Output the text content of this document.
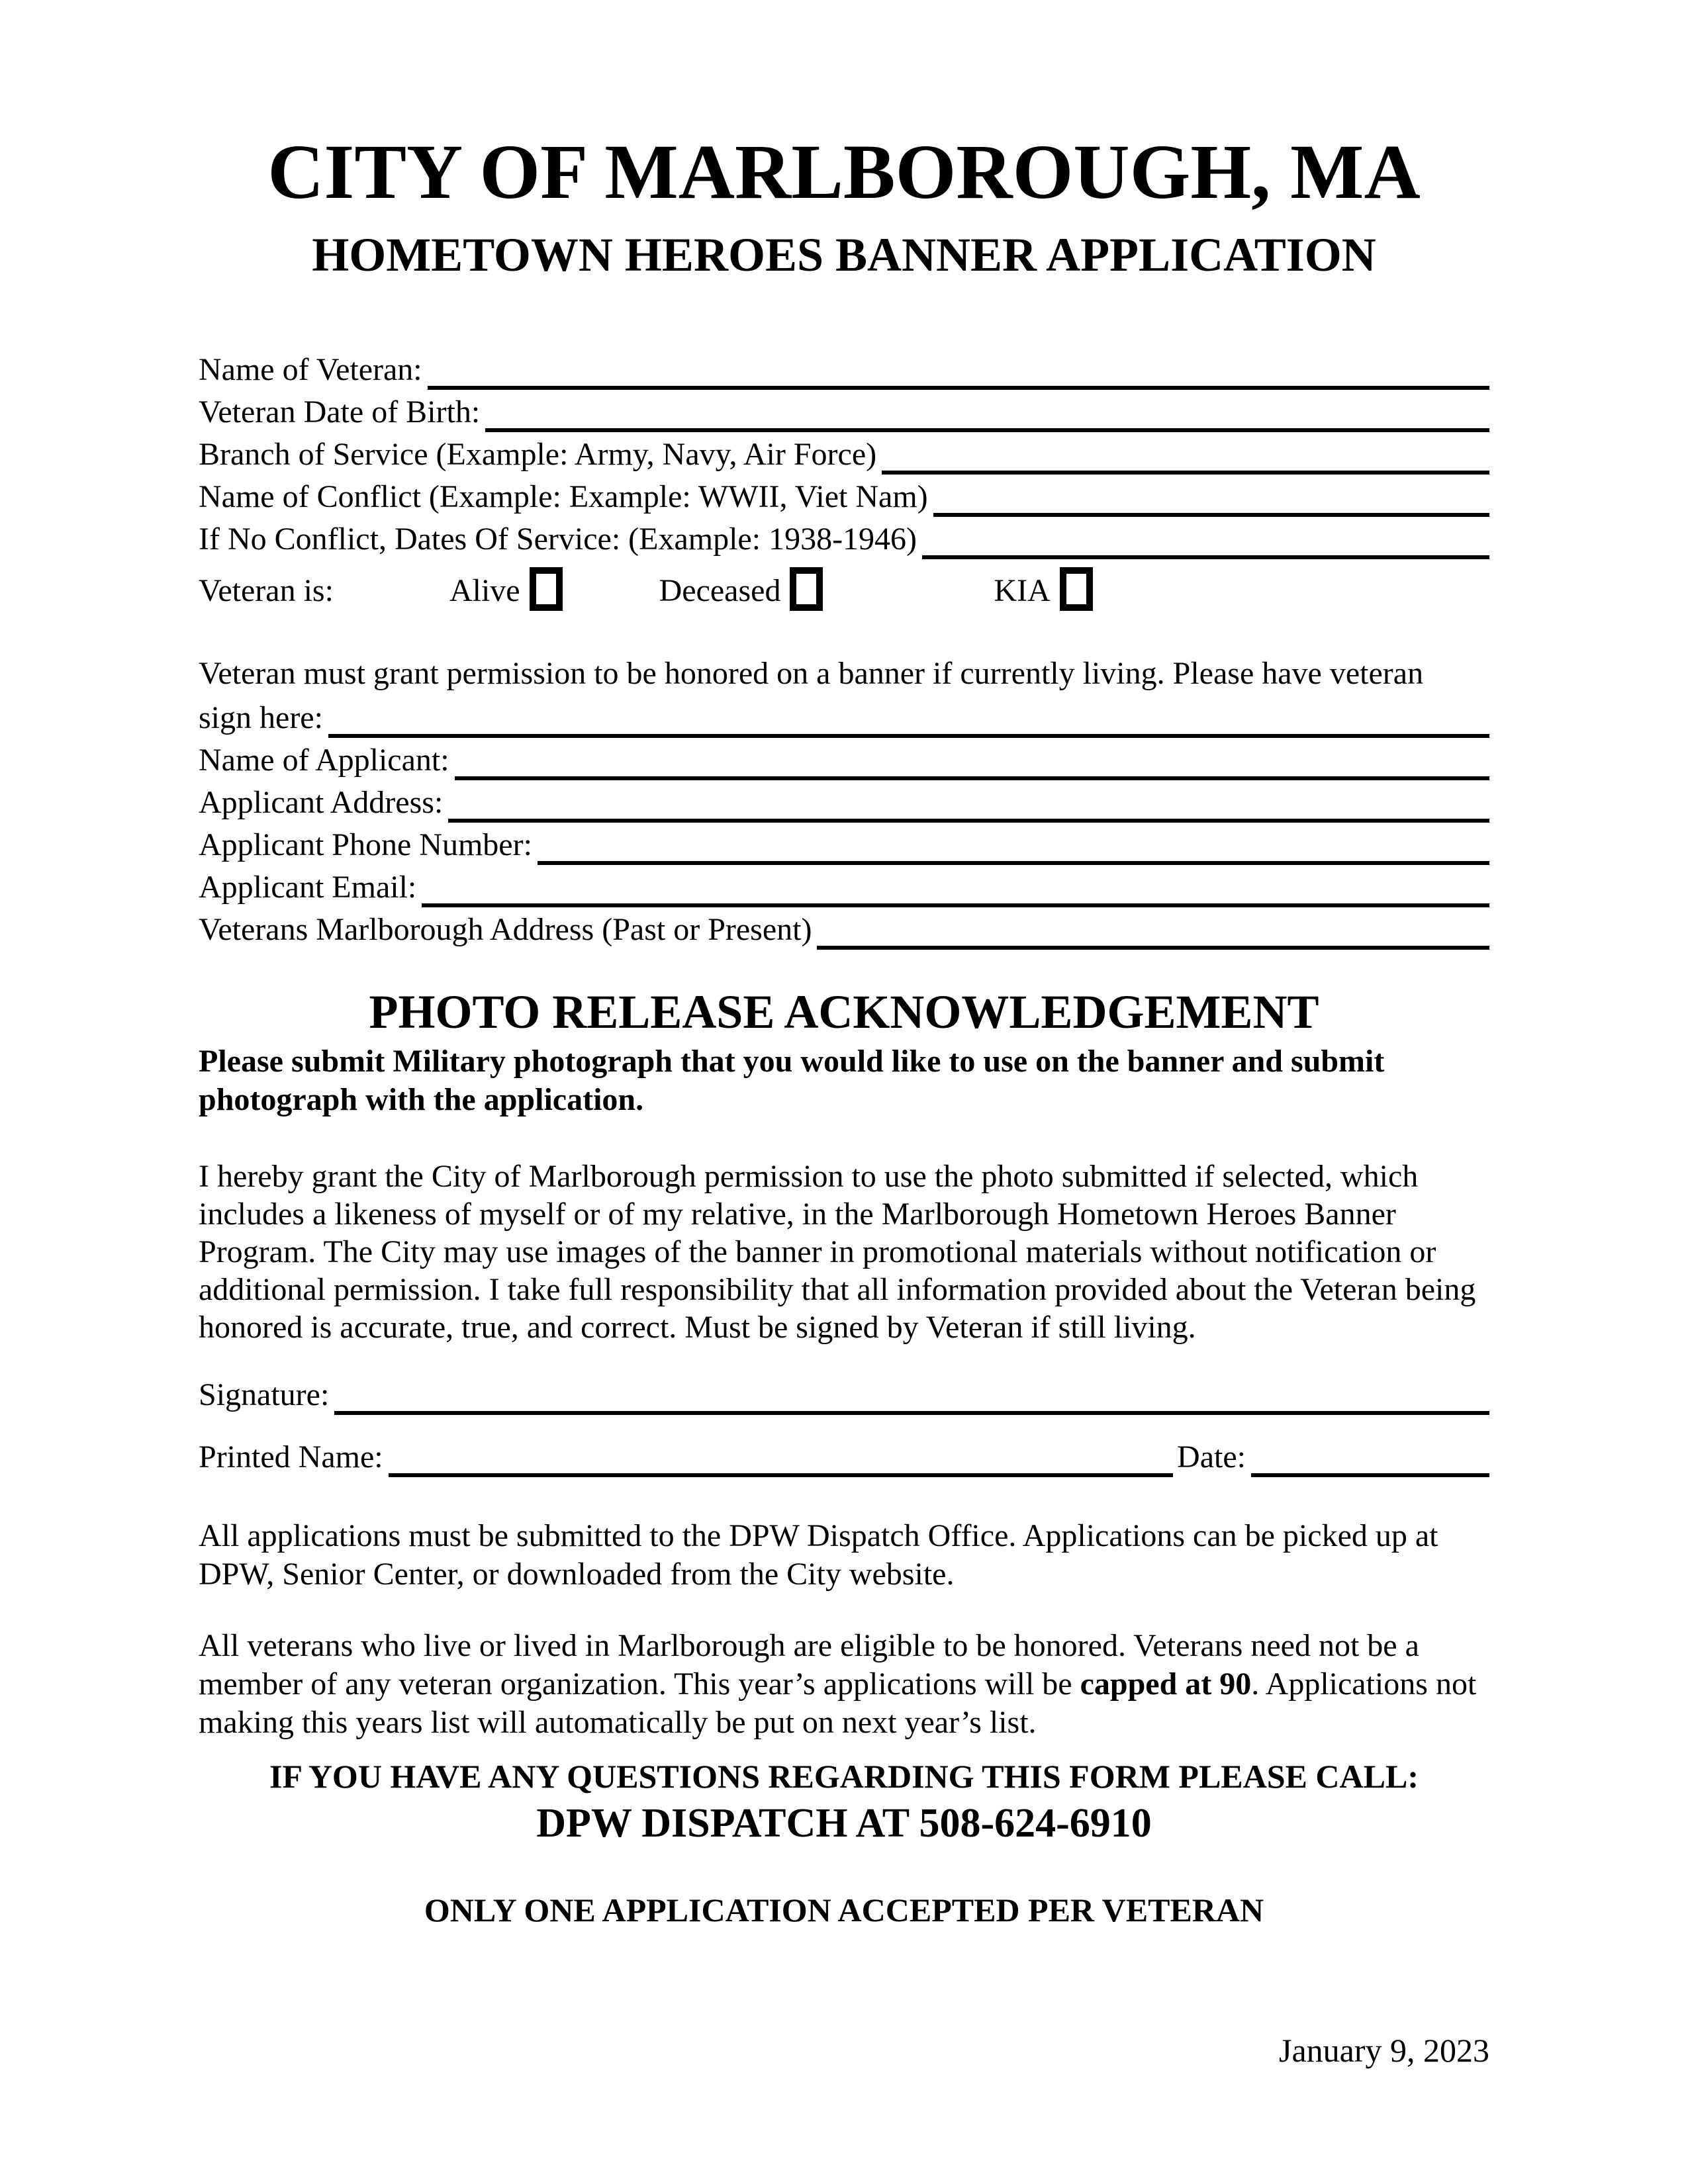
CITY OF MARLBOROUGH, MA
HOMETOWN HEROES BANNER APPLICATION
Name of Veteran:
Veteran Date of Birth:
Branch of Service (Example: Army, Navy, Air Force)
Name of Conflict (Example: Example: WWII, Viet Nam)
If No Conflict, Dates Of Service: (Example: 1938-1946)
Veteran is:	Alive	Deceased	KIA
Veteran must grant permission to be honored on a banner if currently living. Please have veteran
sign here:
Name of Applicant:
Applicant Address:
Applicant Phone Number:
Applicant Email:
Veterans Marlborough Address (Past or Present)
PHOTO RELEASE ACKNOWLEDGEMENT
Please submit Military photograph that you would like to use on the banner and submit photograph with the application.
I hereby grant the City of Marlborough permission to use the photo submitted if selected, which includes a likeness of myself or of my relative, in the Marlborough Hometown Heroes Banner Program. The City may use images of the banner in promotional materials without notification or additional permission. I take full responsibility that all information provided about the Veteran being honored is accurate, true, and correct. Must be signed by Veteran if still living.
Signature:
Printed Name:	Date:
All applications must be submitted to the DPW Dispatch Office. Applications can be picked up at DPW, Senior Center, or downloaded from the City website.
All veterans who live or lived in Marlborough are eligible to be honored. Veterans need not be a member of any veteran organization. This year’s applications will be capped at 90. Applications not making this years list will automatically be put on next year’s list.
IF YOU HAVE ANY QUESTIONS REGARDING THIS FORM PLEASE CALL:
DPW DISPATCH AT 508-624-6910
ONLY ONE APPLICATION ACCEPTED PER VETERAN
January 9, 2023
